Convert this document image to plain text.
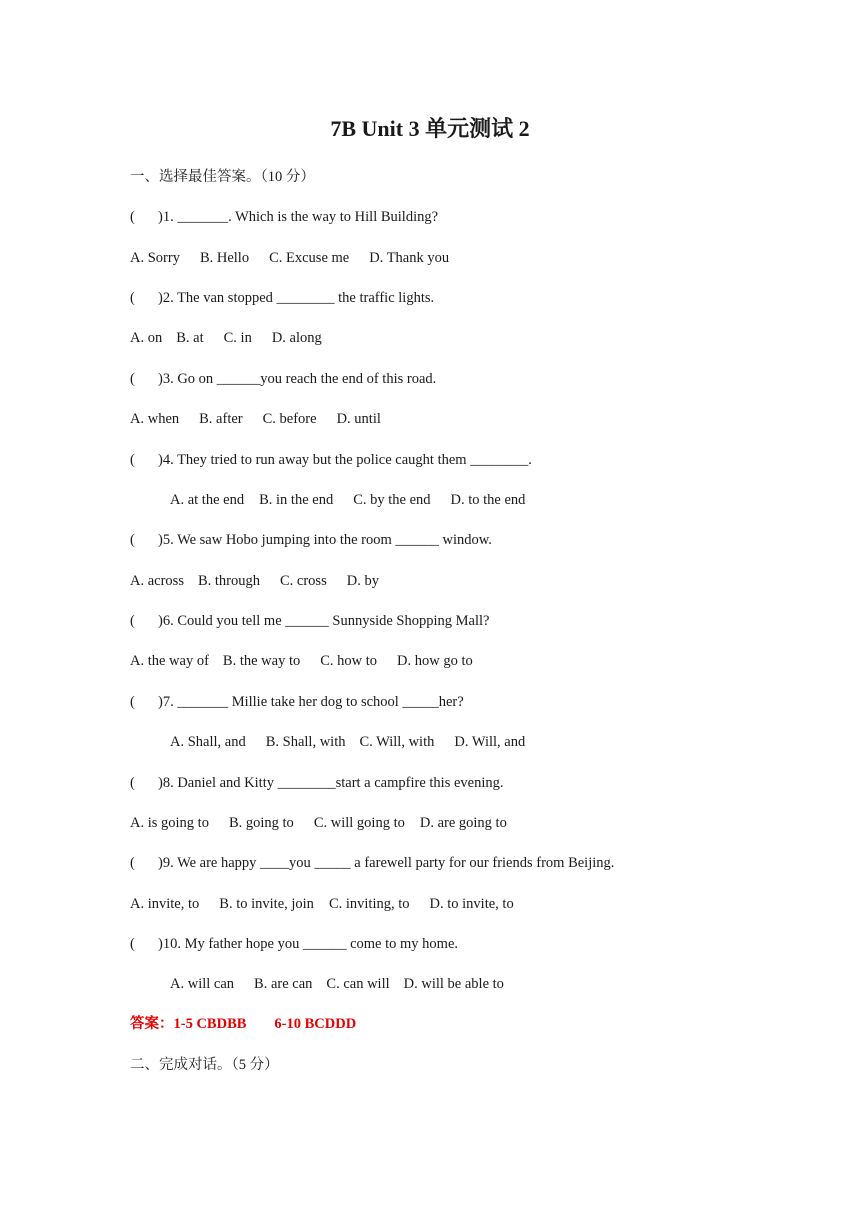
7B Unit 3 单元测试 2
一、选择最佳答案。（10 分）
( )1. _______. Which is the way to Hill Building?
A. Sorry B. Hello C. Excuse me D. Thank you
( )2. The van stopped ________ the traffic lights.
A. on B. at C. in D. along
( )3. Go on ______you reach the end of this road.
A. when B. after C. before D. until
( )4. They tried to run away but the police caught them ________.
A. at the end B. in the end C. by the end D. to the end
( )5. We saw Hobo jumping into the room ______ window.
A. across B. through C. cross D. by
( )6. Could you tell me ______ Sunnyside Shopping Mall?
A. the way of B. the way to C. how to D. how go to
( )7. _______ Millie take her dog to school _____her?
A. Shall, and B. Shall, with C. Will, with D. Will, and
( )8. Daniel and Kitty ________start a campfire this evening.
A. is going to B. going to C. will going to D. are going to
( )9. We are happy ____you _____ a farewell party for our friends from Beijing.
A. invite, to B. to invite, join C. inviting, to D. to invite, to
( )10. My father hope you ______ come to my home.
A. will can B. are can C. can will D. will be able to
答案：1-5 CBDBB 6-10 BCDDD
二、完成对话。（5 分）
